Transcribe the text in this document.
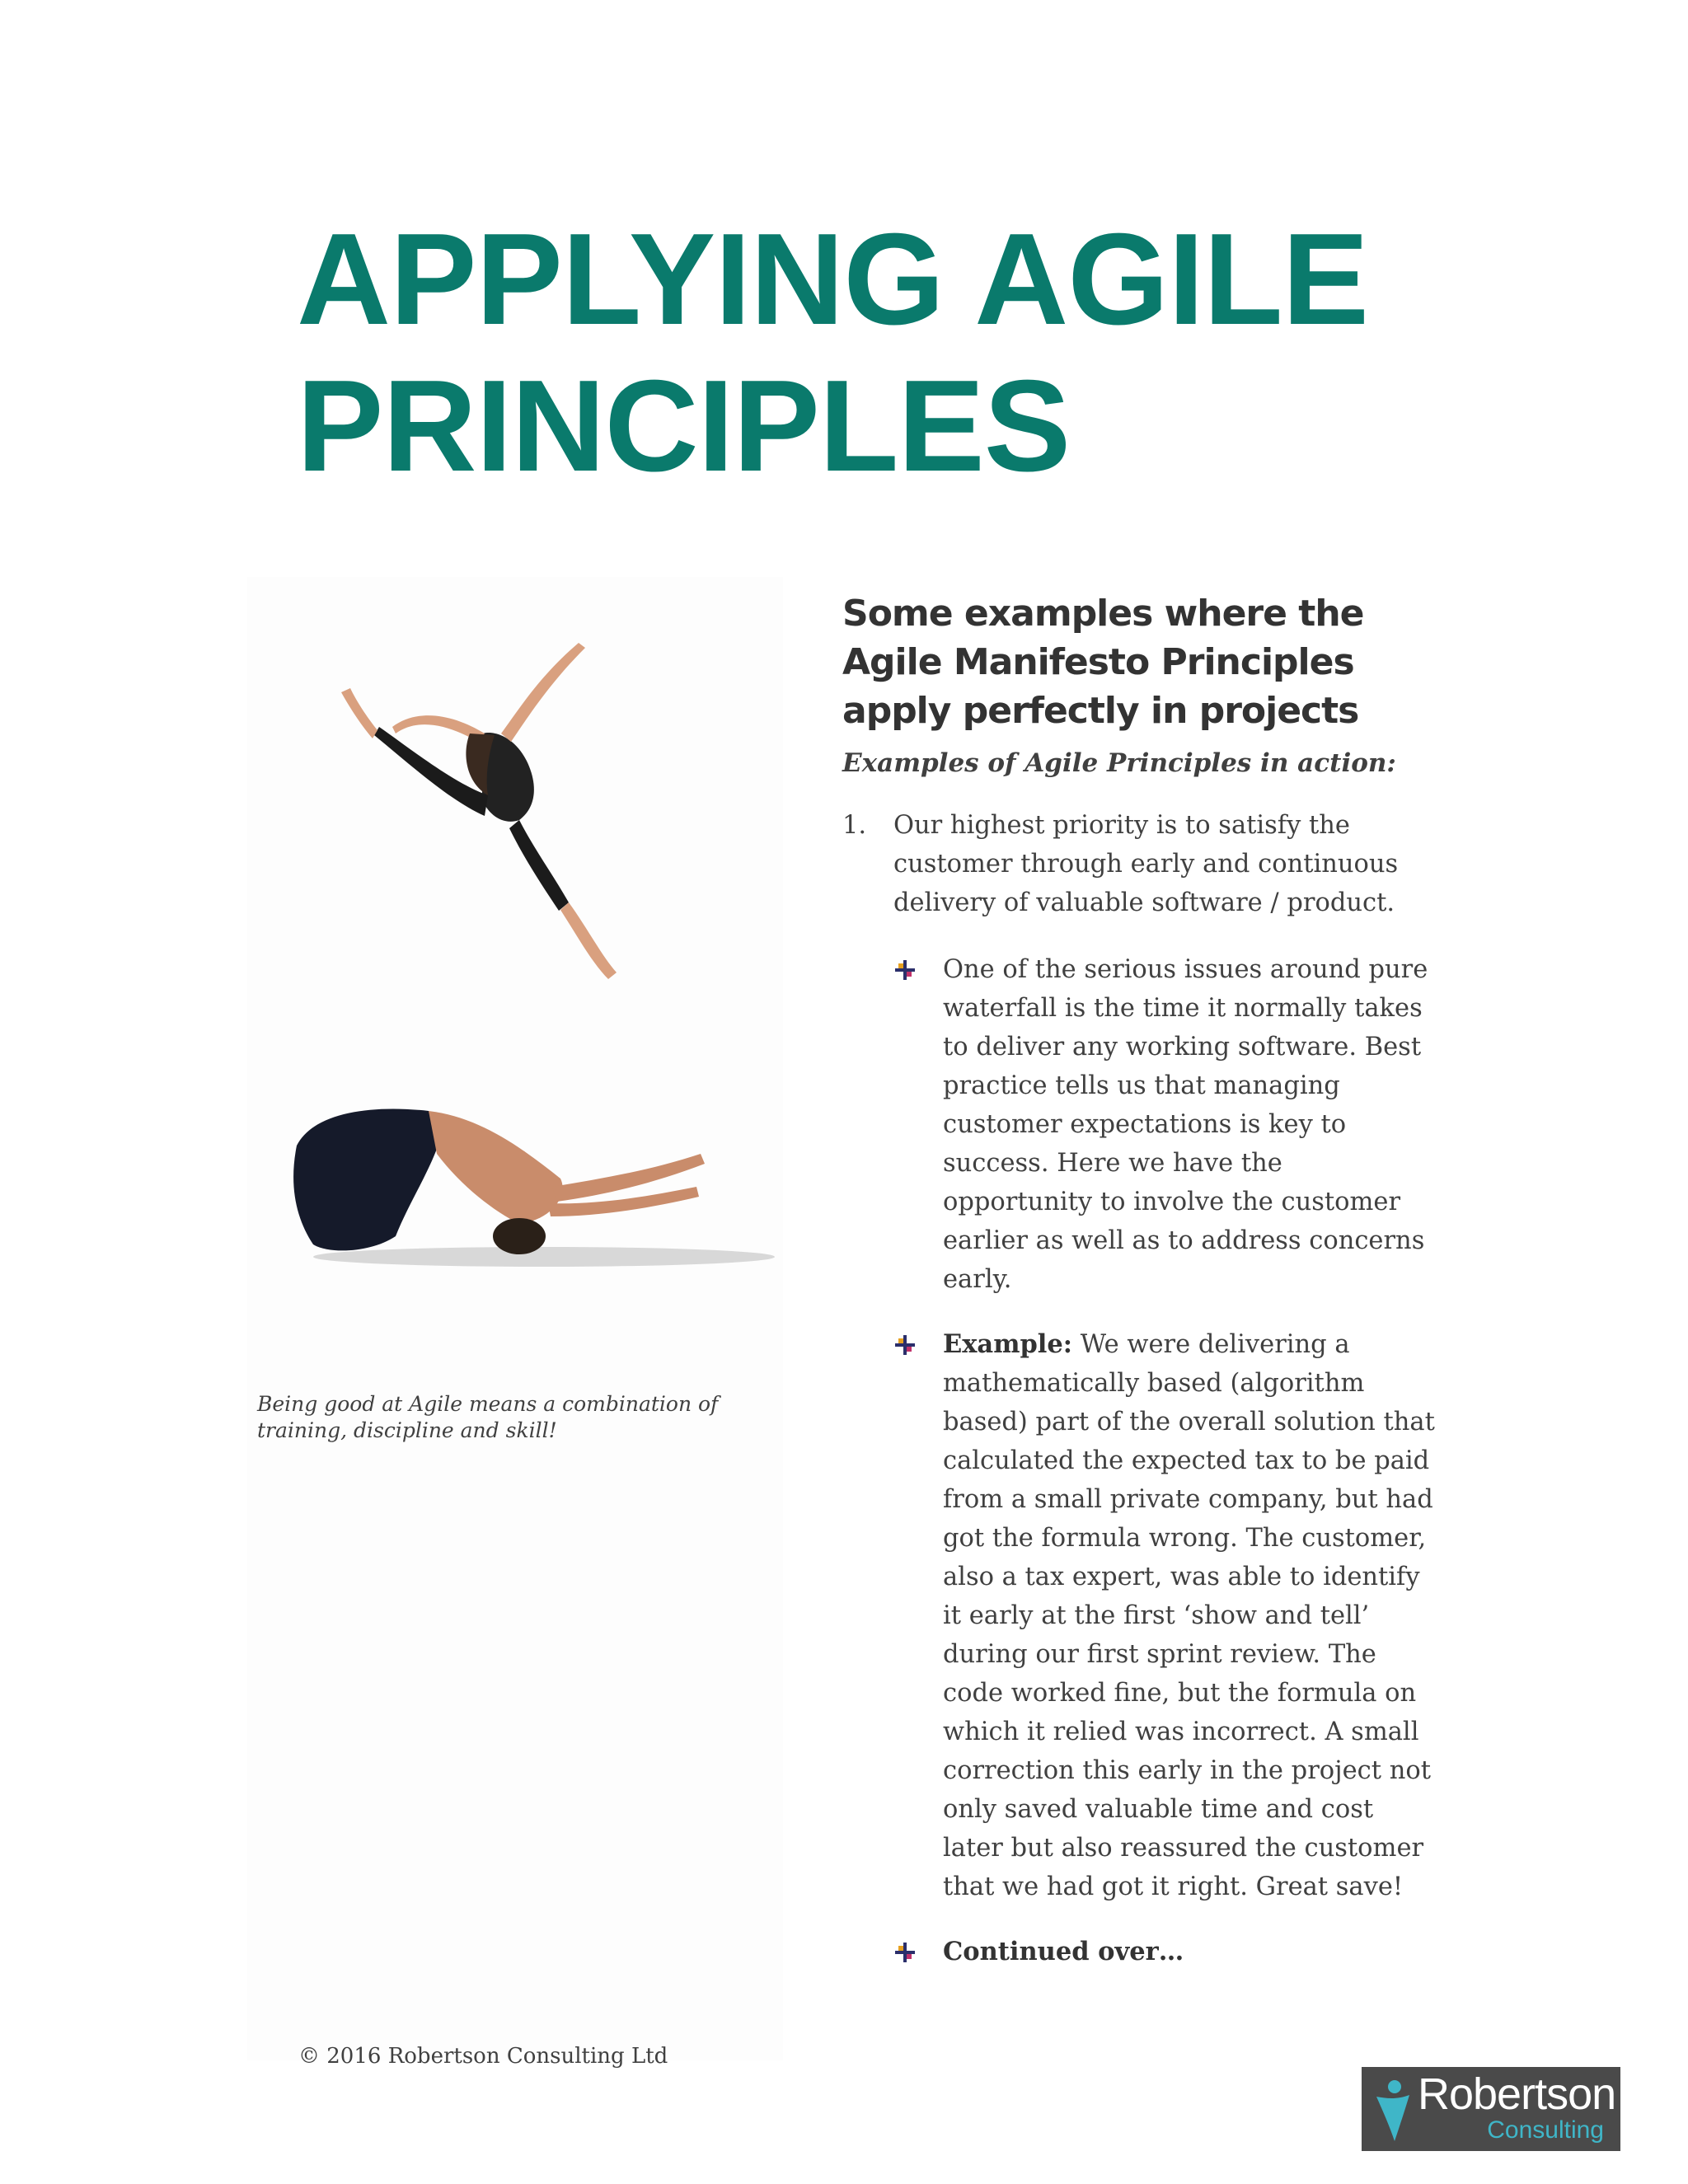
APPLYING AGILE
PRINCIPLES
Being good at Agile means a combination of training, discipline and skill!
Some examples where the Agile Manifesto Principles apply perfectly in projects

Examples of Agile Principles in action:

1. Our highest priority is to satisfy the customer through early and continuous delivery of valuable software / product.
One of the serious issues around pure waterfall is the time it normally takes to deliver any working software. Best practice tells us that managing customer expectations is key to success. Here we have the opportunity to involve the customer earlier as well as to address concerns early.
Example: We were delivering a mathematically based (algorithm based) part of the overall solution that calculated the expected tax to be paid from a small private company, but had got the formula wrong. The customer, also a tax expert, was able to identify it early at the first ‘show and tell’ during our first sprint review. The code worked fine, but the formula on which it relied was incorrect. A small correction this early in the project not only saved valuable time and cost later but also reassured the customer that we had got it right. Great save!
Continued over…
© 2016 Robertson Consulting Ltd
Robertson
Consulting
